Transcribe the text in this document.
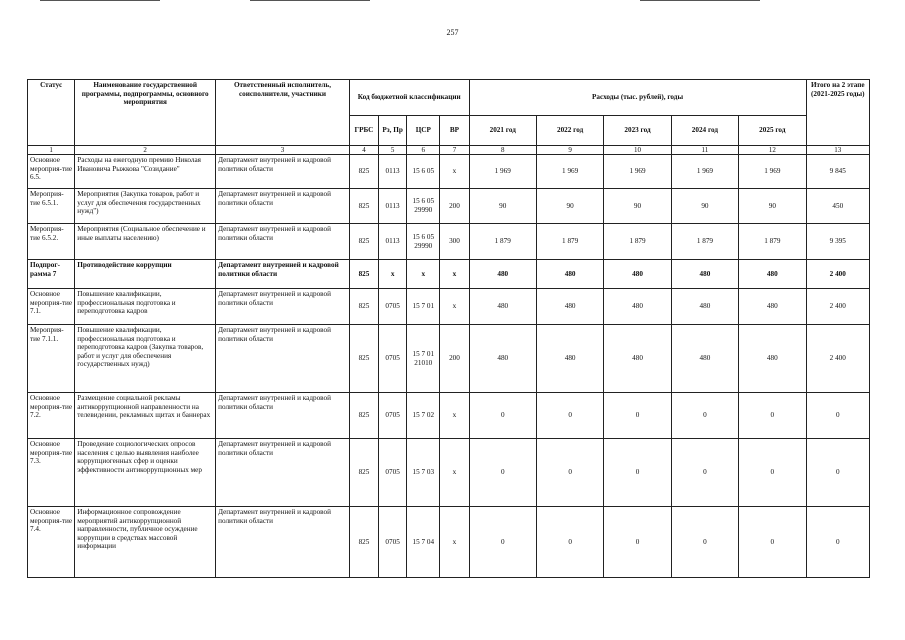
257
Статус	Наименование государственной программы, подпрограммы, основного мероприятия	Ответственный исполнитель, соисполнители, участники	Код бюджетной классификации				Расходы (тыс. рублей), годы					Итого на 2 этапе (2021-2025 годы)
			ГРБС	Рз, Пр	ЦСР	ВР	2021 год	2022 год	2023 год	2024 год	2025 год	
1	2	3	4	5	6	7	8	9	10	11	12	13
Основное мероприя-тие 6.5.	Расходы на ежегодную премию Николая Ивановича Рыжкова "Созидание"	Департамент внутренней и кадровой политики области	825	0113	15 6 05	x	1 969	1 969	1 969	1 969	1 969	9 845
Мероприя-тие 6.5.1.	Мероприятия (Закупка товаров, работ и услуг для обеспечения государственных нужд")	Департамент внутренней и кадровой политики области	825	0113	15 6 05 29990	200	90	90	90	90	90	450
Мероприя-тие 6.5.2.	Мероприятия (Социальное обеспечение и иные выплаты населению)	Департамент внутренней и кадровой политики области	825	0113	15 6 05 29990	300	1 879	1 879	1 879	1 879	1 879	9 395
Подпрог-рамма 7	Противодействие коррупции	Департамент внутренней и кадровой политики области	825	x	x	x	480	480	480	480	480	2 400
Основное мероприя-тие 7.1.	Повышение квалификации, профессиональная подготовка и переподготовка кадров	Департамент внутренней и кадровой политики области	825	0705	15 7 01	x	480	480	480	480	480	2 400
Мероприя-тие 7.1.1.	Повышение квалификации, профессиональная подготовка и переподготовка кадров (Закупка товаров, работ и услуг для обеспечения государственных нужд)	Департамент внутренней и кадровой политики области	825	0705	15 7 01 21010	200	480	480	480	480	480	2 400
Основное мероприя-тие 7.2.	Размещение социальной рекламы антикоррупционной направленности на телевидении, рекламных щитах и баннерах	Департамент внутренней и кадровой политики области	825	0705	15 7 02	x	0	0	0	0	0	0
Основное мероприя-тие 7.3.	Проведение социологических опросов населения с целью выявления наиболее коррупциогенных сфер и оценки эффективности антикоррупционных мер	Департамент внутренней и кадровой политики области	825	0705	15 7 03	x	0	0	0	0	0	0
Основное мероприя-тие 7.4.	Информационное сопровождение мероприятий антикоррупционной направленности, публичное осуждение коррупции в средствах массовой информации	Департамент внутренней и кадровой политики области	825	0705	15 7 04	x	0	0	0	0	0	0
